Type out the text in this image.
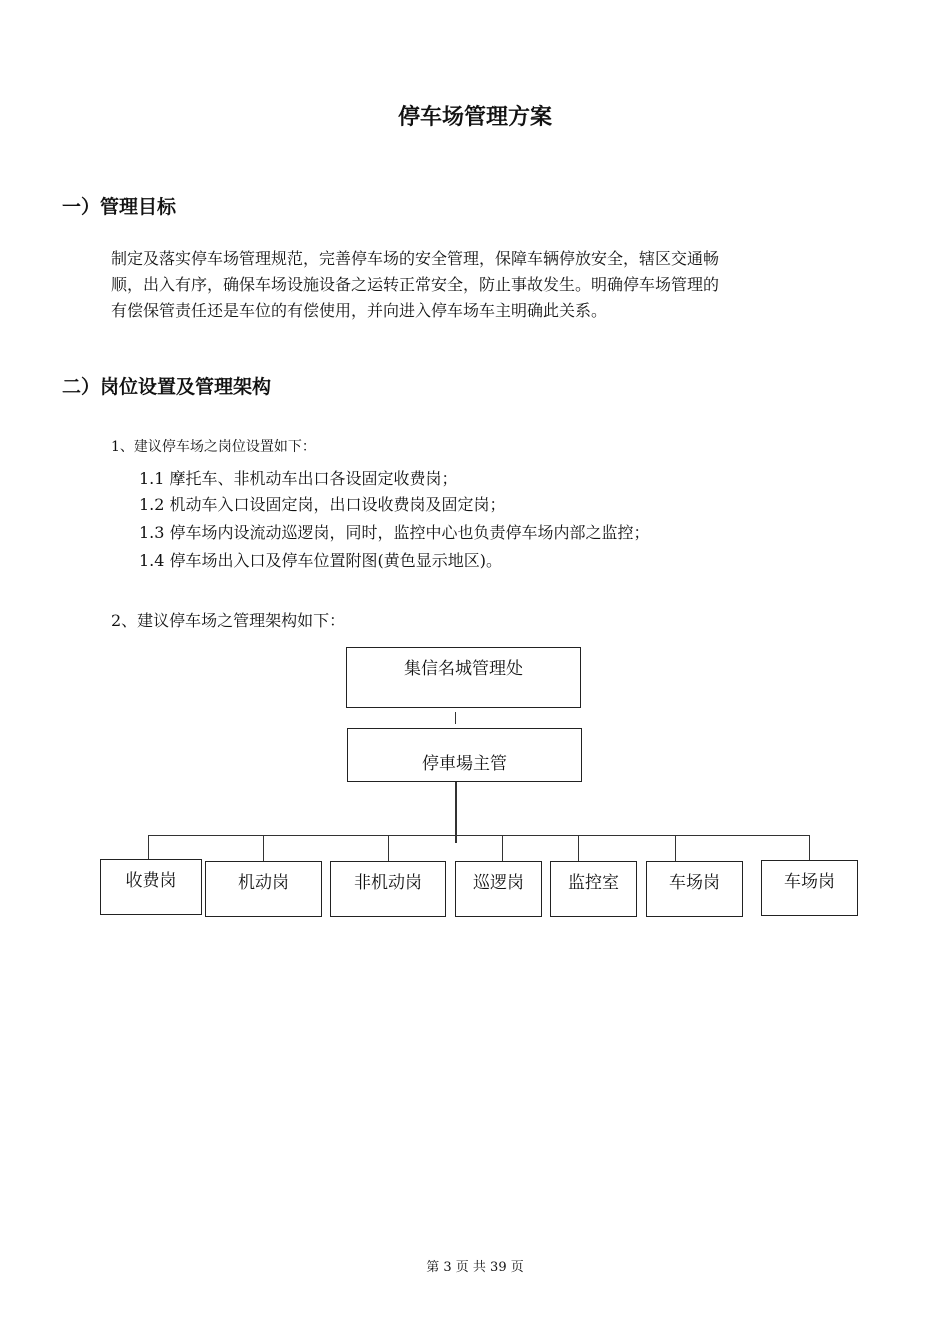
停车场管理方案
一）管理目标
制定及落实停车场管理规范，完善停车场的安全管理，保障车辆停放安全，辖区交通畅
顺，出入有序，确保车场设施设备之运转正常安全，防止事故发生。明确停车场管理的
有偿保管责任还是车位的有偿使用，并向进入停车场车主明确此关系。
二）岗位设置及管理架构
1、建议停车场之岗位设置如下：
1.1 摩托车、非机动车出口各设固定收费岗；
1.2 机动车入口设固定岗，出口设收费岗及固定岗；
1.3 停车场内设流动巡逻岗，同时，监控中心也负责停车场内部之监控；
1.4 停车场出入口及停车位置附图(黄色显示地区)。
2、建议停车场之管理架构如下：
集信名城管理处
停車場主管
收费岗	机动岗	非机动岗	巡逻岗	监控室	车场岗	车场岗
第 3 页 共 39 页
